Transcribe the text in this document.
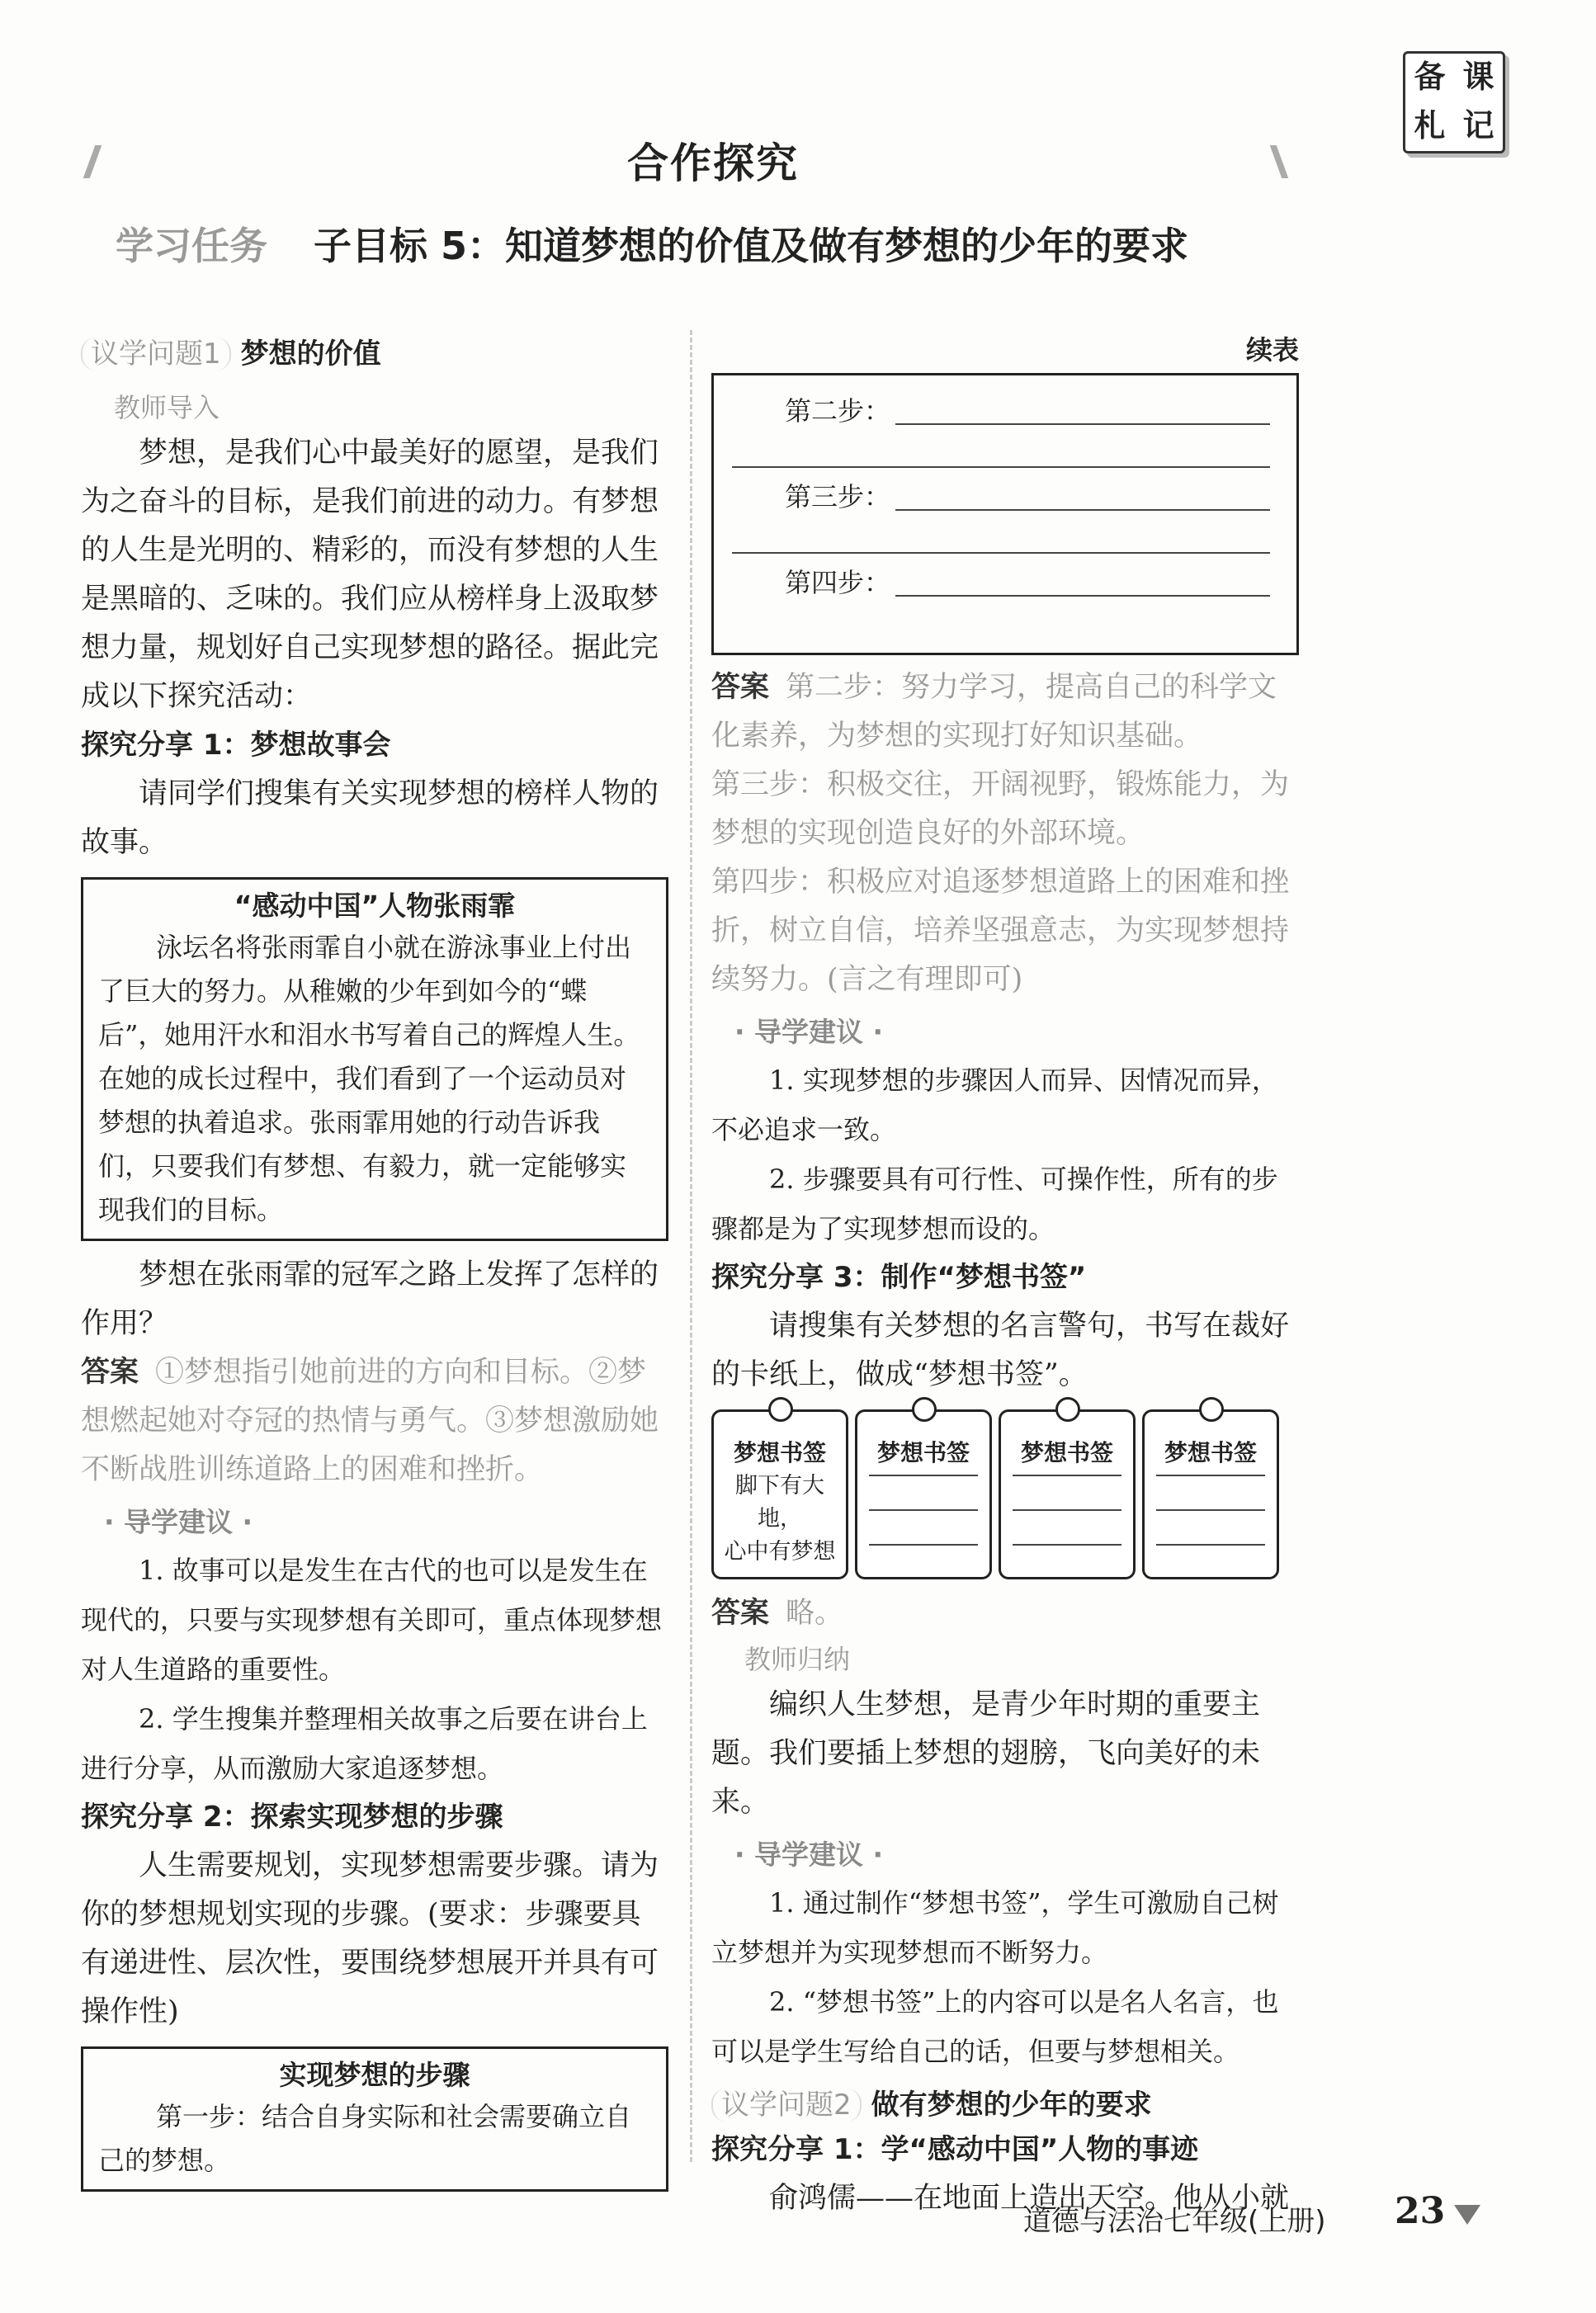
备 课
札 记
合作探究
学习任务 子目标 5：知道梦想的价值及做有梦想的少年的要求
议学问题1 梦想的价值
教师导入

梦想，是我们心中最美好的愿望，是我们为之奋斗的目标，是我们前进的动力。有梦想的人生是光明的、精彩的，而没有梦想的人生是黑暗的、乏味的。我们应从榜样身上汲取梦想力量，规划好自己实现梦想的路径。据此完成以下探究活动：

探究分享 1：梦想故事会

请同学们搜集有关实现梦想的榜样人物的故事。

“感动中国”人物张雨霏

泳坛名将张雨霏自小就在游泳事业上付出了巨大的努力。从稚嫩的少年到如今的“蝶后”，她用汗水和泪水书写着自己的辉煌人生。在她的成长过程中，我们看到了一个运动员对梦想的执着追求。张雨霏用她的行动告诉我们，只要我们有梦想、有毅力，就一定能够实现我们的目标。

梦想在张雨霏的冠军之路上发挥了怎样的作用？

答案 ①梦想指引她前进的方向和目标。②梦想燃起她对夺冠的热情与勇气。③梦想激励她不断战胜训练道路上的困难和挫折。

· 导学建议 ·

1. 故事可以是发生在古代的也可以是发生在现代的，只要与实现梦想有关即可，重点体现梦想对人生道路的重要性。

2. 学生搜集并整理相关故事之后要在讲台上进行分享，从而激励大家追逐梦想。

探究分享 2：探索实现梦想的步骤

人生需要规划，实现梦想需要步骤。请为你的梦想规划实现的步骤。(要求：步骤要具有递进性、层次性，要围绕梦想展开并具有可操作性)

实现梦想的步骤

第一步：结合自身实际和社会需要确立自己的梦想。

续表
第二步：
第三步：
第四步：

答案 第二步：努力学习，提高自己的科学文化素养，为梦想的实现打好知识基础。

第三步：积极交往，开阔视野，锻炼能力，为梦想的实现创造良好的外部环境。

第四步：积极应对追逐梦想道路上的困难和挫折，树立自信，培养坚强意志，为实现梦想持续努力。(言之有理即可)

· 导学建议 ·

1. 实现梦想的步骤因人而异、因情况而异，不必追求一致。

2. 步骤要具有可行性、可操作性，所有的步骤都是为了实现梦想而设的。

探究分享 3：制作“梦想书签”

请搜集有关梦想的名言警句，书写在裁好的卡纸上，做成“梦想书签”。

梦想书签
脚下有大地，
心中有梦想
梦想书签	梦想书签	梦想书签

答案 略。

教师归纳

编织人生梦想，是青少年时期的重要主题。我们要插上梦想的翅膀，飞向美好的未来。

· 导学建议 ·

1. 通过制作“梦想书签”，学生可激励自己树立梦想并为实现梦想而不断努力。

2. “梦想书签”上的内容可以是名人名言，也可以是学生写给自己的话，但要与梦想相关。

议学问题2 做有梦想的少年的要求
探究分享 1：学“感动中国”人物的事迹

俞鸿儒——在地面上造出天空。他从小就

道德与法治七年级(上册) 23
